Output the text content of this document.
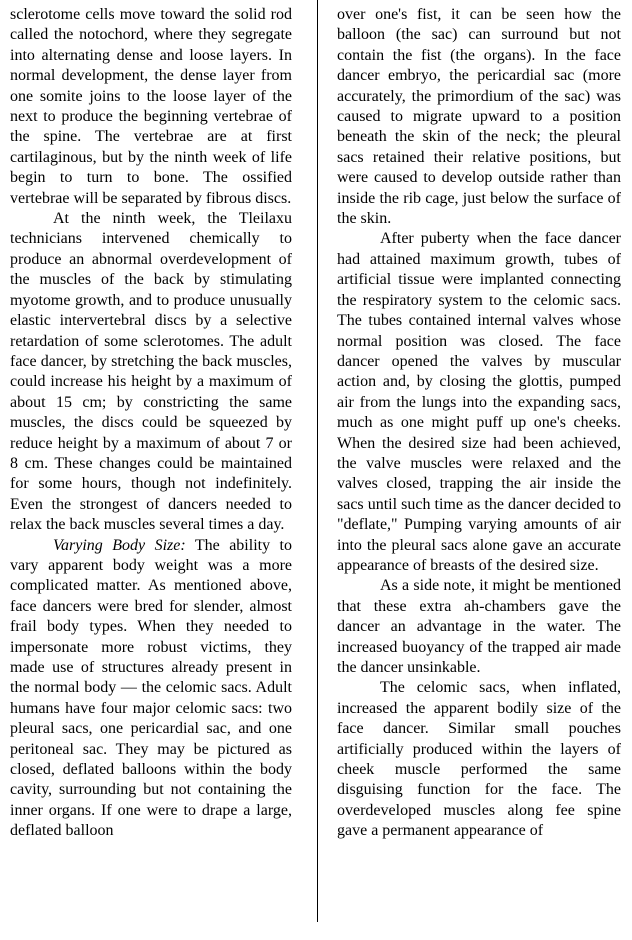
sclerotome cells move toward the solid rod called the notochord, where they segregate into alternating dense and loose layers. In normal development, the dense layer from one somite joins to the loose layer of the next to produce the beginning vertebrae of the spine. The vertebrae are at first cartilaginous, but by the ninth week of life begin to turn to bone. The ossified vertebrae will be separated by fibrous discs.

At the ninth week, the Tleilaxu technicians intervened chemically to produce an abnormal overdevelopment of the muscles of the back by stimulating myotome growth, and to produce unusually elastic intervertebral discs by a selective retardation of some sclerotomes. The adult face dancer, by stretching the back muscles, could increase his height by a maximum of about 15 cm; by constricting the same muscles, the discs could be squeezed by reduce height by a maximum of about 7 or 8 cm. These changes could be maintained for some hours, though not indefinitely. Even the strongest of dancers needed to relax the back muscles several times a day.

Varying Body Size: The ability to vary apparent body weight was a more complicated matter. As mentioned above, face dancers were bred for slender, almost frail body types. When they needed to impersonate more robust victims, they made use of structures already present in the normal body — the celomic sacs. Adult humans have four major celomic sacs: two pleural sacs, one pericardial sac, and one peritoneal sac. They may be pictured as closed, deflated balloons within the body cavity, surrounding but not containing the inner organs. If one were to drape a large, deflated balloon

over one's fist, it can be seen how the balloon (the sac) can surround but not contain the fist (the organs). In the face dancer embryo, the pericardial sac (more accurately, the primordium of the sac) was caused to migrate upward to a position beneath the skin of the neck; the pleural sacs retained their relative positions, but were caused to develop outside rather than inside the rib cage, just below the surface of the skin.

After puberty when the face dancer had attained maximum growth, tubes of artificial tissue were implanted connecting the respiratory system to the celomic sacs. The tubes contained internal valves whose normal position was closed. The face dancer opened the valves by muscular action and, by closing the glottis, pumped air from the lungs into the expanding sacs, much as one might puff up one's cheeks. When the desired size had been achieved, the valve muscles were relaxed and the valves closed, trapping the air inside the sacs until such time as the dancer decided to "deflate," Pumping varying amounts of air into the pleural sacs alone gave an accurate appearance of breasts of the desired size.

As a side note, it might be mentioned that these extra ah-chambers gave the dancer an advantage in the water. The increased buoyancy of the trapped air made the dancer unsinkable.

The celomic sacs, when inflated, increased the apparent bodily size of the face dancer. Similar small pouches artificially produced within the layers of cheek muscle performed the same disguising function for the face. The overdeveloped muscles along fee spine gave a permanent appearance of
